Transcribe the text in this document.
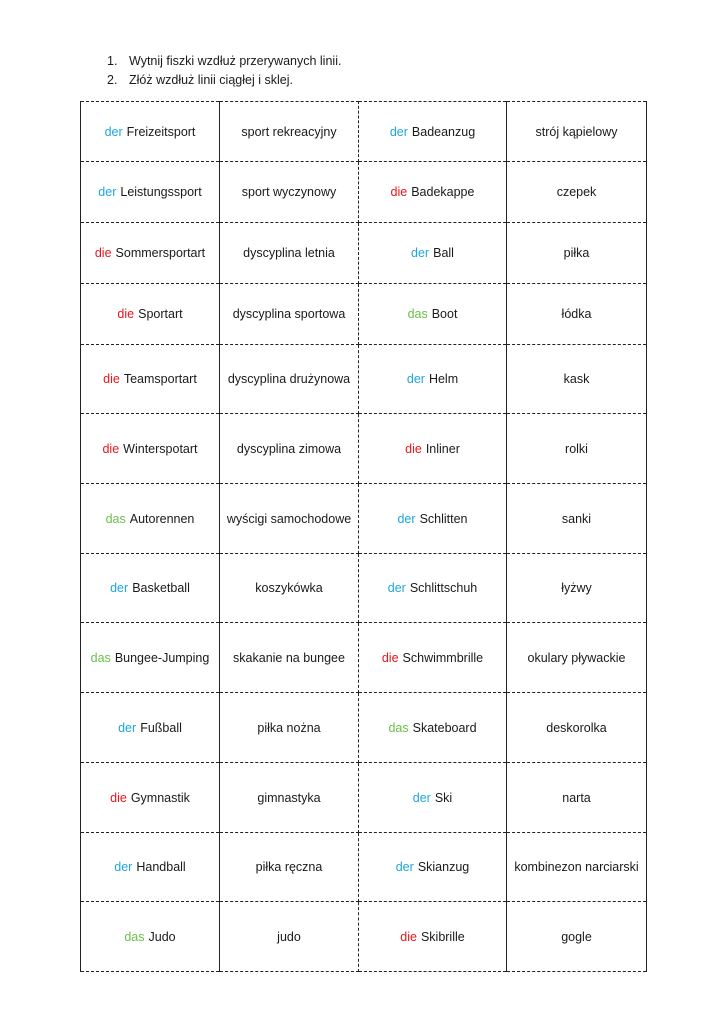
1. Wytnij fiszki wzdłuż przerywanych linii.
2. Złóż wzdłuż linii ciągłej i sklej.
der Freizeitsport	sport rekreacyjny	der Badeanzug	strój kąpielowy
der Leistungssport	sport wyczynowy	die Badekappe	czepek
die Sommersportart	dyscyplina letnia	der Ball	piłka
die Sportart	dyscyplina sportowa	das Boot	łódka
die Teamsportart	dyscyplina drużynowa	der Helm	kask
die Winterspotart	dyscyplina zimowa	die Inliner	rolki
das Autorennen	wyścigi samochodowe	der Schlitten	sanki
der Basketball	koszykówka	der Schlittschuh	łyżwy
das Bungee-Jumping	skakanie na bungee	die Schwimmbrille	okulary pływackie
der Fußball	piłka nożna	das Skateboard	deskorolka
die Gymnastik	gimnastyka	der Ski	narta
der Handball	piłka ręczna	der Skianzug	kombinezon narciarski
das Judo	judo	die Skibrille	gogle
